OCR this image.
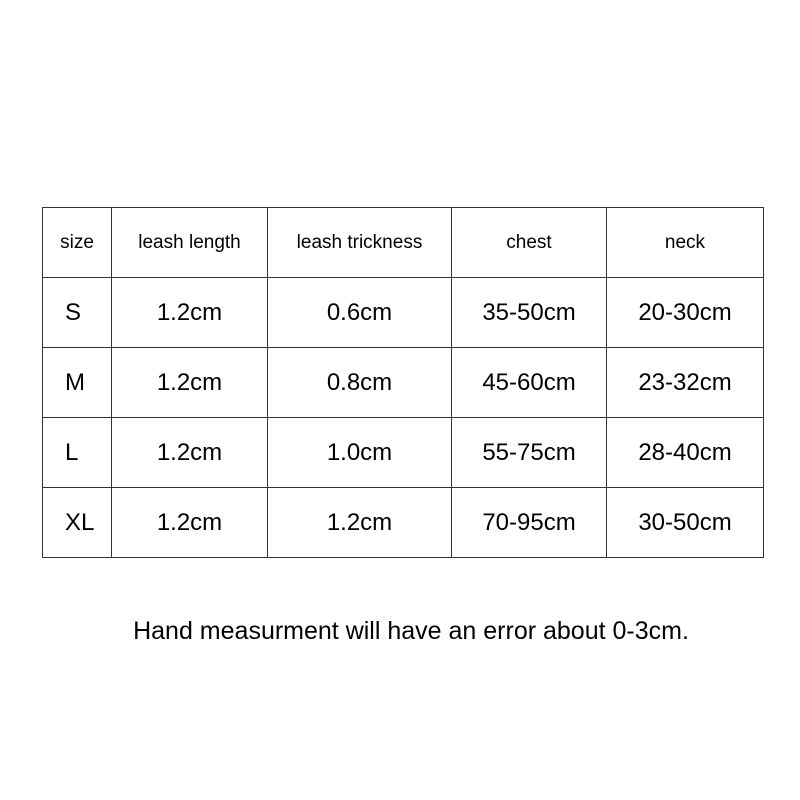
size	leash length	leash trickness	chest	neck
S	1.2cm	0.6cm	35-50cm	20-30cm
M	1.2cm	0.8cm	45-60cm	23-32cm
L	1.2cm	1.0cm	55-75cm	28-40cm
XL	1.2cm	1.2cm	70-95cm	30-50cm
Hand measurment will have an error about 0-3cm.
